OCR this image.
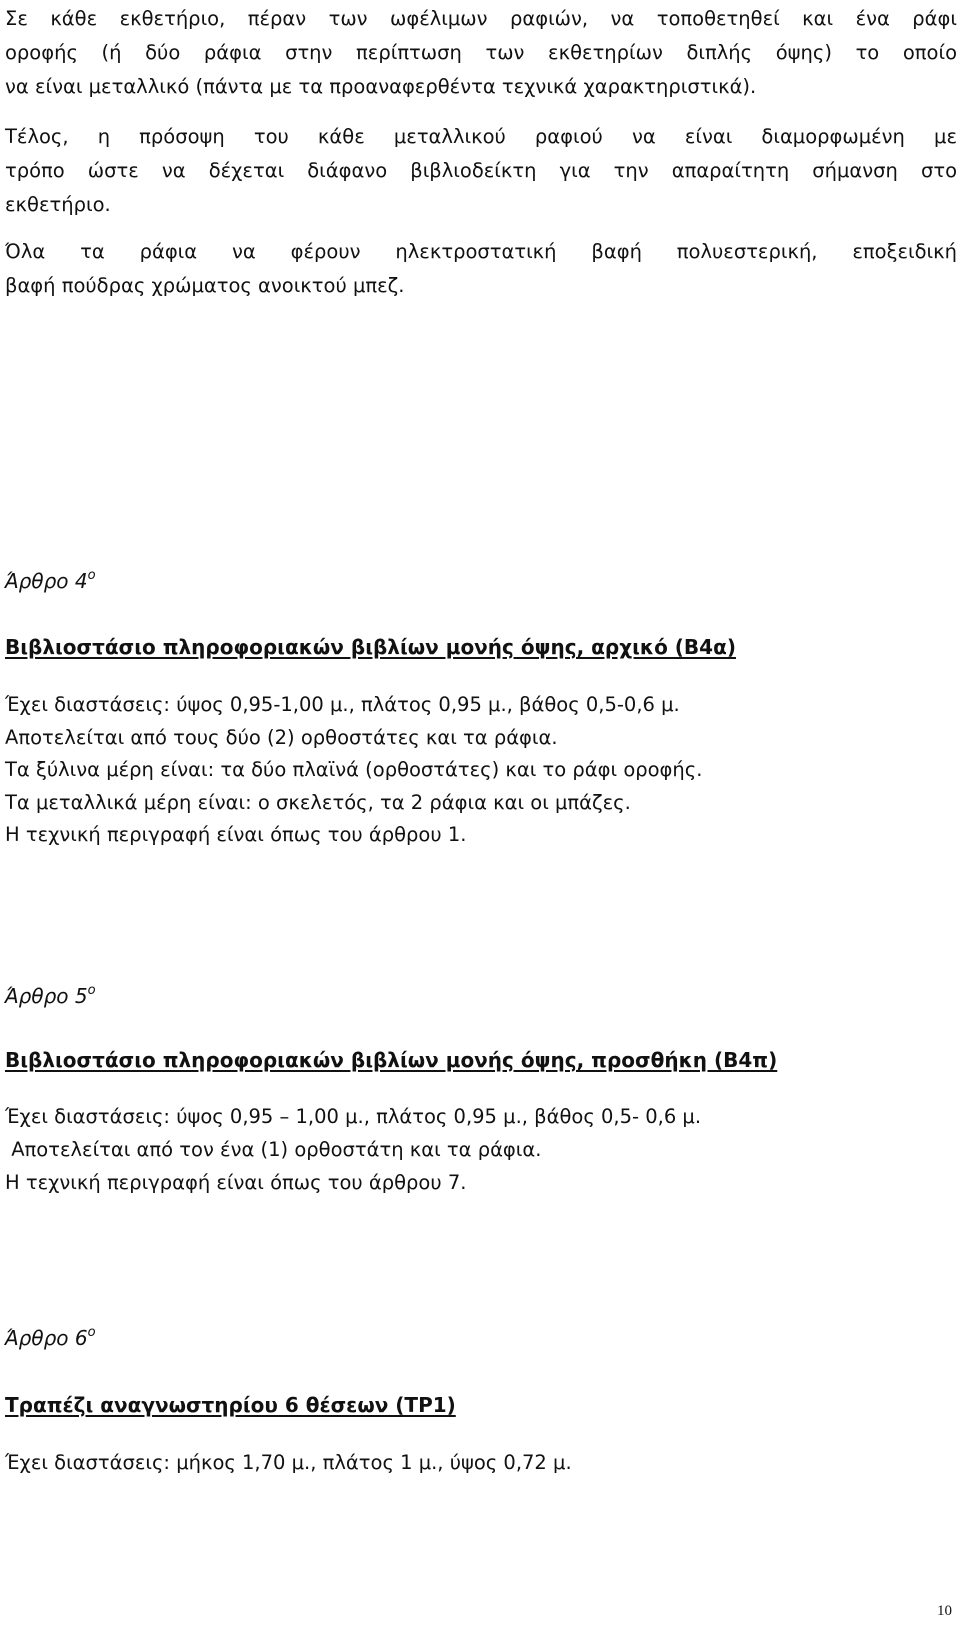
Σε κάθε εκθετήριο, πέραν των ωφέλιμων ραφιών, να τοποθετηθεί και ένα ράφι
οροφής (ή δύο ράφια στην περίπτωση των εκθετηρίων διπλής όψης) το οποίο
να είναι μεταλλικό (πάντα με τα προαναφερθέντα τεχνικά χαρακτηριστικά).
Τέλος, η πρόσοψη του κάθε μεταλλικού ραφιού να είναι διαμορφωμένη με
τρόπο ώστε να δέχεται διάφανο βιβλιοδείκτη για την απαραίτητη σήμανση στο
εκθετήριο.
Όλα τα ράφια να φέρουν ηλεκτροστατική βαφή πολυεστερική, εποξειδική
βαφή πούδρας χρώματος ανοικτού μπεζ.

Άρθρο $4^o$

Βιβλιοστάσιο πληροφοριακών βιβλίων μονής όψης, αρχικό (Β4α)

Έχει διαστάσεις: ύψος 0,95-1,00 μ., πλάτος 0,95 μ., βάθος 0,5-0,6 μ.

Αποτελείται από τους δύο (2) ορθοστάτες και τα ράφια.

Τα ξύλινα μέρη είναι: τα δύο πλαϊνά (ορθοστάτες) και το ράφι οροφής.

Τα μεταλλικά μέρη είναι: ο σκελετός, τα 2 ράφια και οι μπάζες.

Η τεχνική περιγραφή είναι όπως του άρθρου 1.

Άρθρο $5^o$

Βιβλιοστάσιο πληροφοριακών βιβλίων μονής όψης, προσθήκη (Β4π)

Έχει διαστάσεις: ύψος 0,95 – 1,00 μ., πλάτος 0,95 μ., βάθος 0,5- 0,6 μ.

Αποτελείται από τον ένα (1) ορθοστάτη και τα ράφια.

Η τεχνική περιγραφή είναι όπως του άρθρου 7.

Άρθρο $6^o$

Τραπέζι αναγνωστηρίου 6 θέσεων (ΤΡ1)

Έχει διαστάσεις: μήκος 1,70 μ., πλάτος 1 μ., ύψος 0,72 μ.

10
